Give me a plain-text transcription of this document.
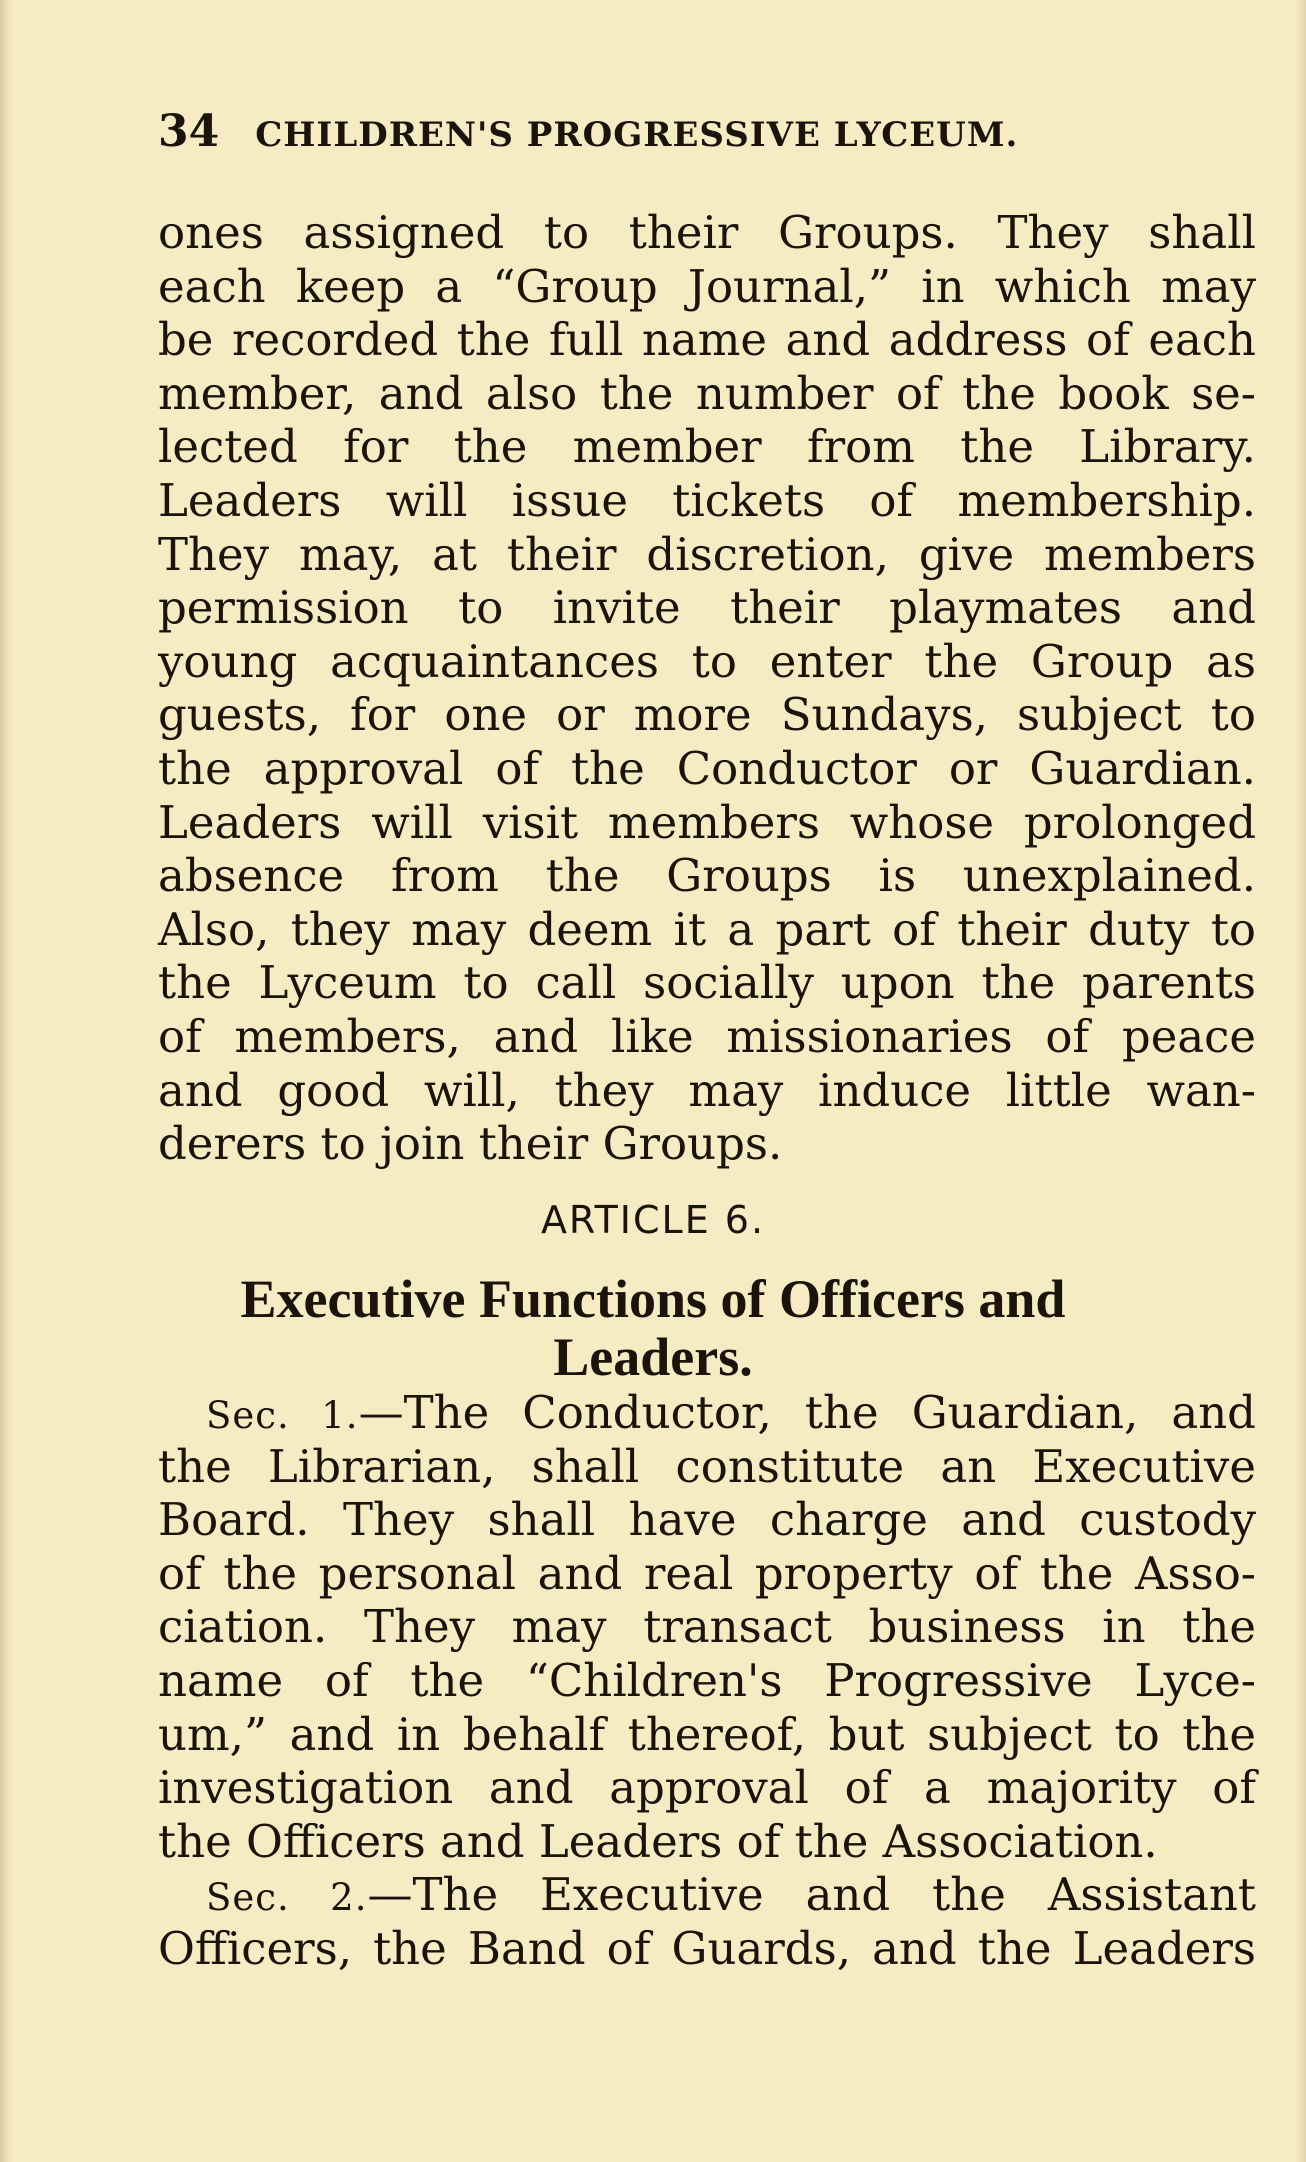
34 CHILDREN'S PROGRESSIVE LYCEUM.
ones assigned to their Groups. They shall
each keep a “Group Journal,” in which may
be recorded the full name and address of each
member, and also the number of the book se-
lected for the member from the Library.
Leaders will issue tickets of membership.
They may, at their discretion, give members
permission to invite their playmates and
young acquaintances to enter the Group as
guests, for one or more Sundays, subject to
the approval of the Conductor or Guardian.
Leaders will visit members whose prolonged
absence from the Groups is unexplained.
Also, they may deem it a part of their duty to
the Lyceum to call socially upon the parents
of members, and like missionaries of peace
and good will, they may induce little wan-
derers to join their Groups.
ARTICLE 6.
Executive Functions of Officers and
Leaders.
Sec. 1.—The Conductor, the Guardian, and
the Librarian, shall constitute an Executive
Board. They shall have charge and custody
of the personal and real property of the Asso-
ciation. They may transact business in the
name of the “Children's Progressive Lyce-
um,” and in behalf thereof, but subject to the
investigation and approval of a majority of
the Officers and Leaders of the Association.
Sec. 2.—The Executive and the Assistant
Officers, the Band of Guards, and the Leaders
